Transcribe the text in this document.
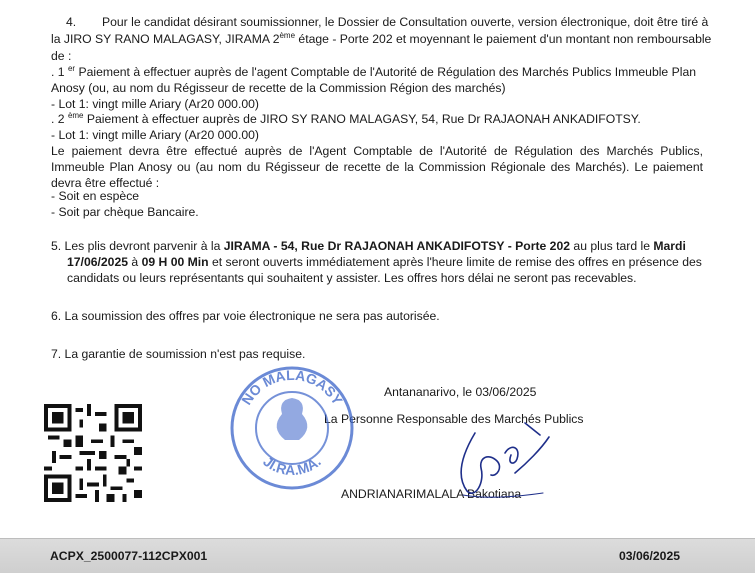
4. Pour le candidat désirant soumissionner, le Dossier de Consultation ouverte, version électronique, doit être tiré à

la JIRO SY RANO MALAGASY, JIRAMA 2ème étage - Porte 202 et moyennant le paiement d'un montant non remboursable

de :

. 1 $^{er}$ Paiement à effectuer auprès de l'agent Comptable de l'Autorité de Régulation des Marchés Publics Immeuble Plan

Anosy (ou, au nom du Régisseur de recette de la Commission Région des marchés)

- Lot 1: vingt mille Ariary (Ar20 000.00)

. 2 $^{ème}$ Paiement à effectuer auprès de JIRO SY RANO MALAGASY, 54, Rue Dr RAJAONAH ANKADIFOTSY.

- Lot 1: vingt mille Ariary (Ar20 000.00)

Le paiement devra être effectué auprès de l'Agent Comptable de l'Autorité de Régulation des Marchés Publics, Immeuble Plan Anosy ou (au nom du Régisseur de recette de la Commission Régionale des Marchés). Le paiement devra être effectué :

- Soit en espèce

- Soit par chèque Bancaire.

5. Les plis devront parvenir à la JIRAMA - 54, Rue Dr RAJAONAH ANKADIFOTSY - Porte 202 au plus tard le Mardi

17/06/2025 à 09 H 00 Min et seront ouverts immédiatement après l'heure limite de remise des offres en présence des

candidats ou leurs représentants qui souhaitent y assister. Les offres hors délai ne seront pas recevables.

6. La soumission des offres par voie électronique ne sera pas autorisée.

7. La garantie de soumission n'est pas requise.

Antananarivo, le 03/06/2025

La Personne Responsable des Marchés Publics

ANDRIANARIMALALA Bakotiana

NO MALAGASY
JI.RA.MA.
ACPX_2500077-112CPX001	03/06/2025
